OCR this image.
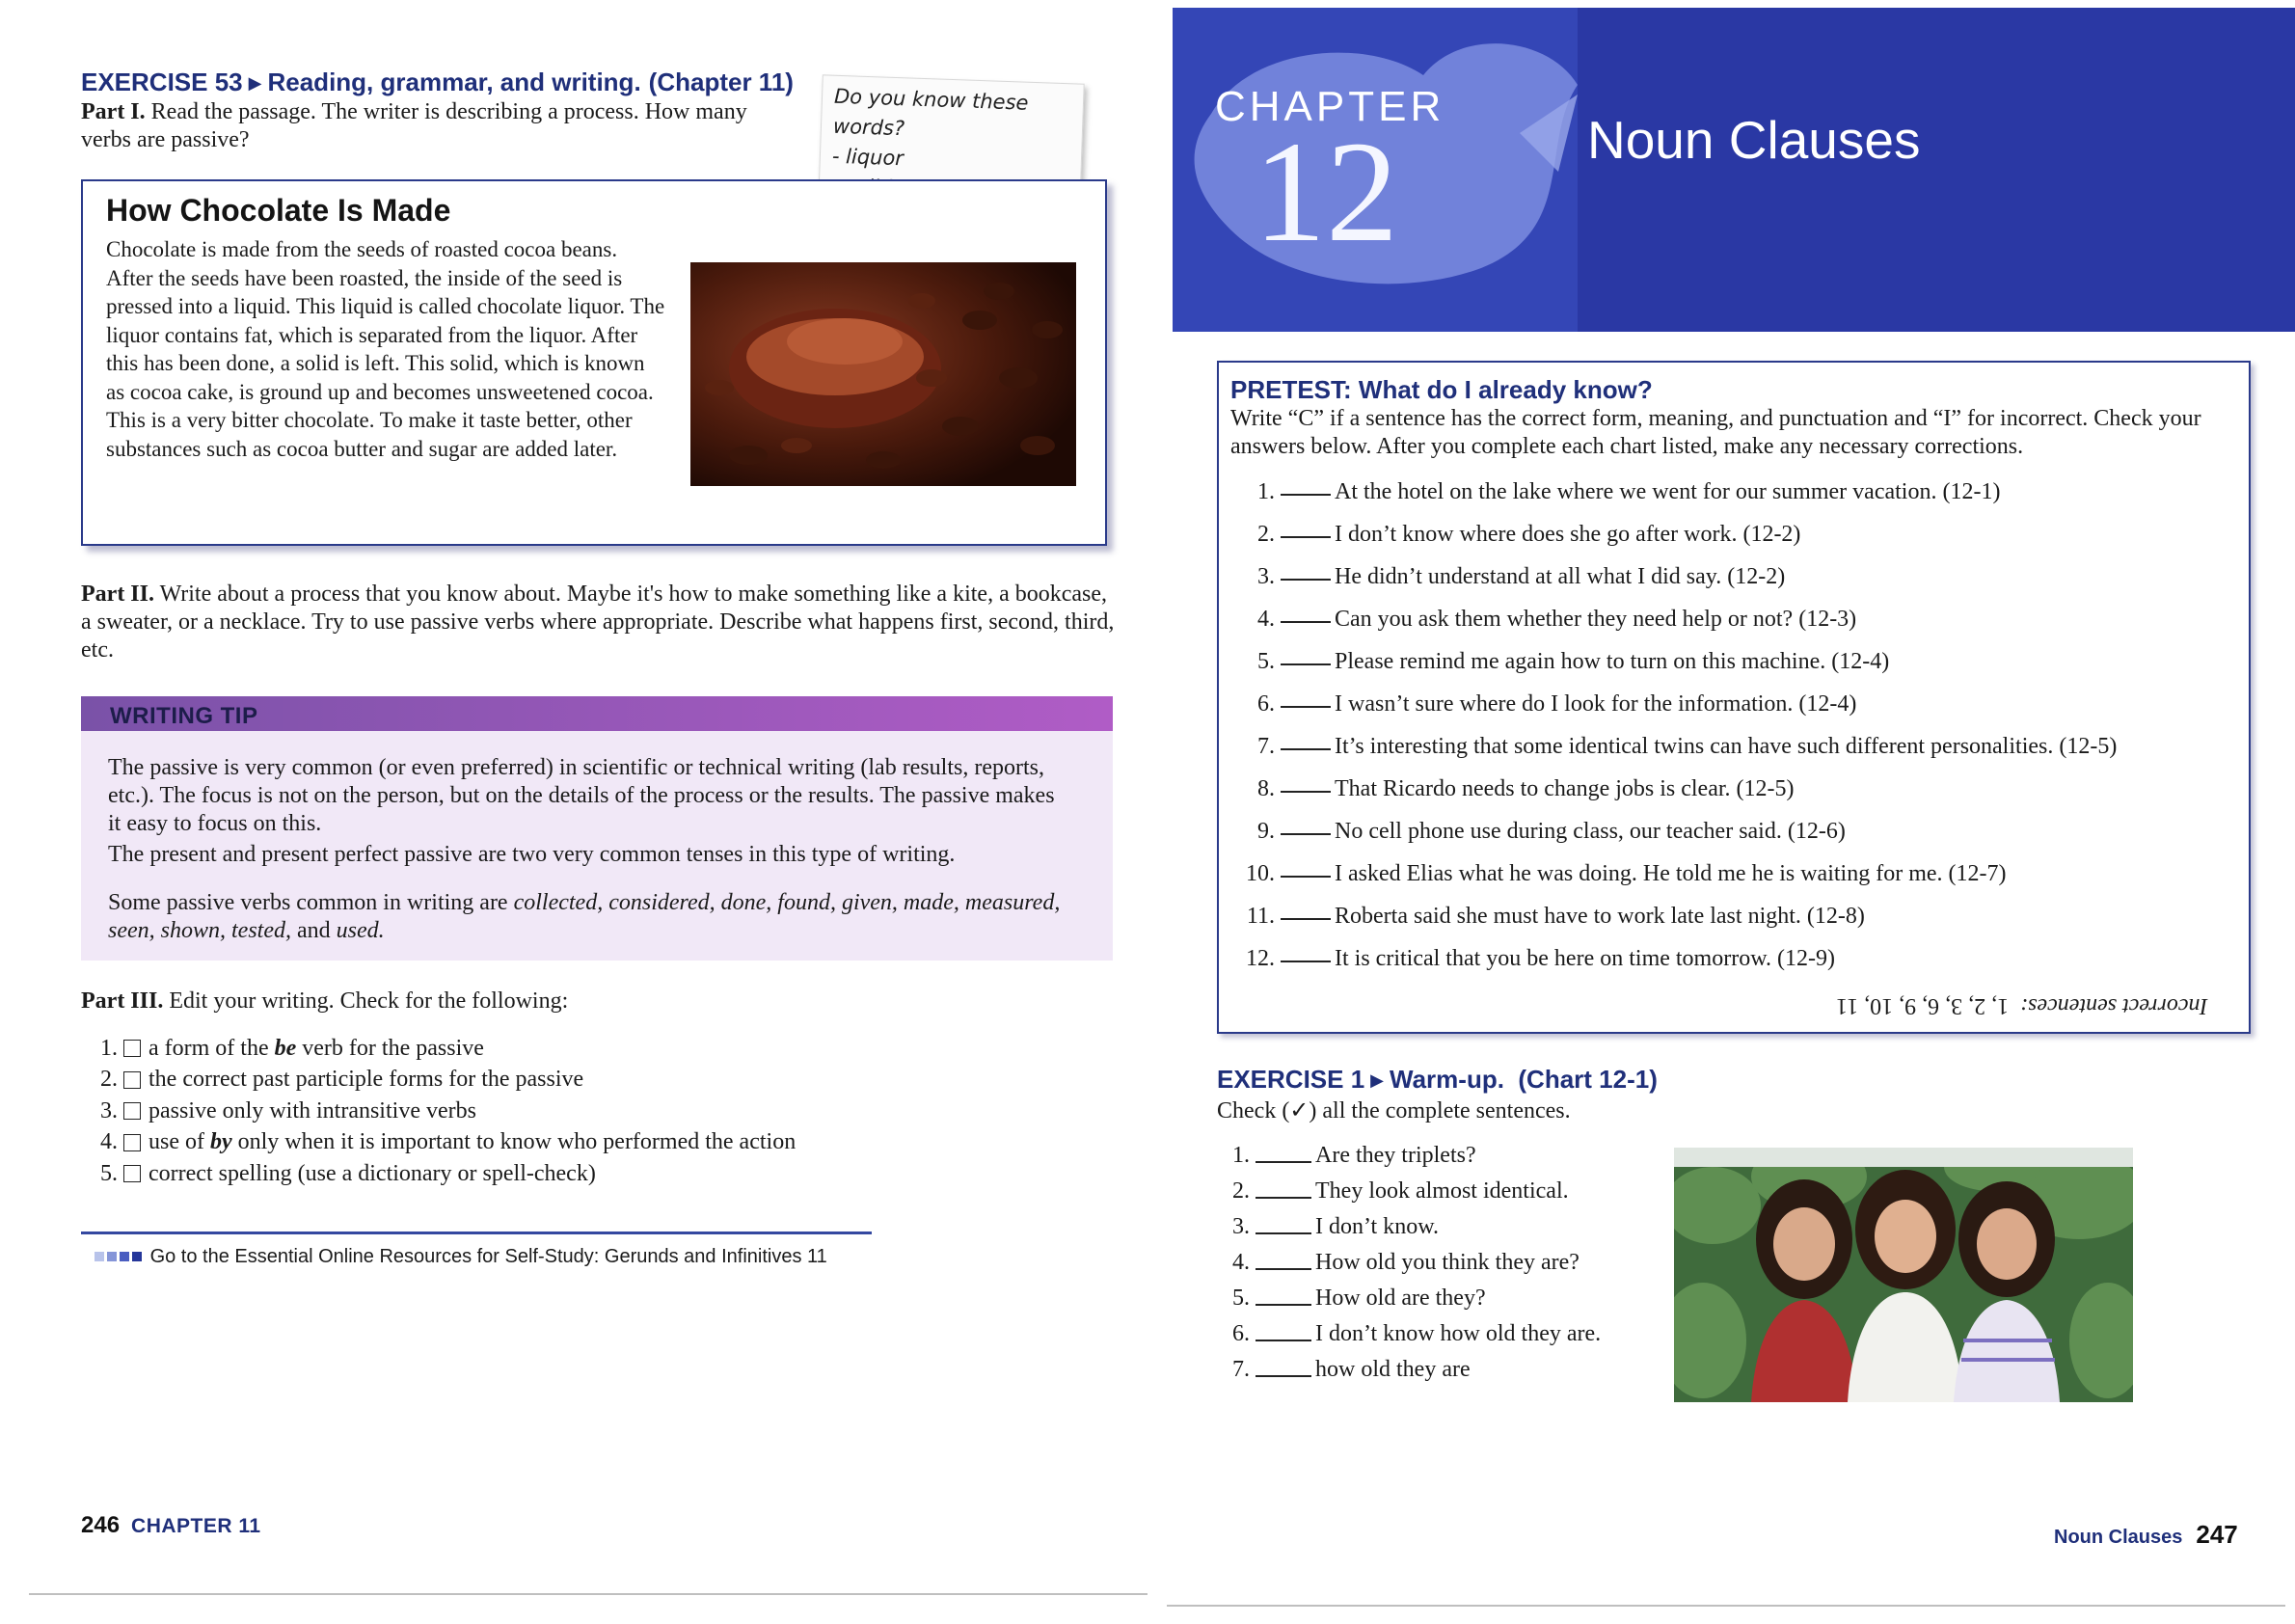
EXERCISE 53 ▶ Reading, grammar, and writing. (Chapter 11)
Part I. Read the passage. The writer is describing a process. How many verbs are passive?
Do you know these words?
- liquor
How Chocolate Is Made
Chocolate is made from the seeds of roasted cocoa beans. After the seeds have been roasted, the inside of the seed is pressed into a liquid. This liquid is called chocolate liquor. The liquor contains fat, which is separated from the liquor. After this has been done, a solid is left. This solid, which is known as cocoa cake, is ground up and becomes unsweetened cocoa. This is a very bitter chocolate. To make it taste better, other substances such as cocoa butter and sugar are added later.
Part II. Write about a process that you know about. Maybe it's how to make something like a kite, a bookcase, a sweater, or a necklace. Try to use passive verbs where appropriate. Describe what happens first, second, third, etc.
WRITING TIP
The passive is very common (or even preferred) in scientific or technical writing (lab results, reports, etc.). The focus is not on the person, but on the details of the process or the results. The passive makes it easy to focus on this.
The present and present perfect passive are two very common tenses in this type of writing.
Some passive verbs common in writing are collected, considered, done, found, given, made, measured, seen, shown, tested, and used.
Part III. Edit your writing. Check for the following:
1. a form of the
be
verb for the passive
2. the correct past participle forms for the passive
3. passive only with intransitive verbs
4. use of
by
only when it is important to know who performed the action
5. correct spelling (use a dictionary or spell-check)
Go to the Essential Online Resources for Self-Study: Gerunds and Infinitives 11
246 CHAPTER 11
CHAPTER
12	Noun Clauses
PRETEST: What do I already know?
Write “C” if a sentence has the correct form, meaning, and punctuation and “I” for incorrect. Check your answers below. After you complete each chart listed, make any necessary corrections.
1.	At the hotel on the lake where we went for our summer vacation. (12-1)
2.	I don’t know where does she go after work. (12-2)
3.	He didn’t understand at all what I did say. (12-2)
4.	Can you ask them whether they need help or not? (12-3)
5.	Please remind me again how to turn on this machine. (12-4)
6.	I wasn’t sure where do I look for the information. (12-4)
7.	It’s interesting that some identical twins can have such different personalities. (12-5)
8.	That Ricardo needs to change jobs is clear. (12-5)
9.	No cell phone use during class, our teacher said. (12-6)
10.	I asked Elias what he was doing. He told me he is waiting for me. (12-7)
11.	Roberta said she must have to work late last night. (12-8)
12.	It is critical that you be here on time tomorrow. (12-9)
Incorrect sentences:  1, 2, 3, 6, 9, 10, 11
EXERCISE 1 ▶ Warm-up. (Chart 12-1)
Check (✓) all the complete sentences.
1.	Are they triplets?
2.	They look almost identical.
3.	I don’t know.
4.	How old you think they are?
5.	How old are they?
6.	I don’t know how old they are.
7.	how old they are
Noun Clauses 247
